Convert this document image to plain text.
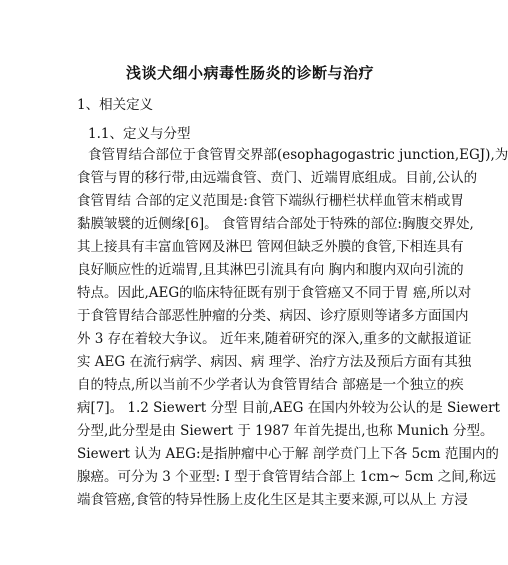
浅谈犬细小病毒性肠炎的诊断与治疗
1、相关定义
1.1、定义与分型
食管胃结合部位于食管胃交界部(esophagogastric junction,EGJ),为
食管与胃的移行带,由远端食管、贲门、近端胃底组成。目前,公认的
食管胃结 合部的定义范围是:食管下端纵行栅栏状样血管末梢或胃
黏膜皱襞的近侧缘[6]。 食管胃结合部处于特殊的部位:胸腹交界处,
其上接具有丰富血管网及淋巴 管网但缺乏外膜的食管,下相连具有
良好顺应性的近端胃,且其淋巴引流具有向 胸内和腹内双向引流的
特点。因此,AEG的临床特征既有别于食管癌又不同于胃 癌,所以对
于食管胃结合部恶性肿瘤的分类、病因、诊疗原则等诸多方面国内
外 3 存在着较大争议。 近年来,随着研究的深入,重多的文献报道证
实 AEG 在流行病学、病因、病 理学、治疗方法及预后方面有其独
自的特点,所以当前不少学者认为食管胃结合 部癌是一个独立的疾
病[7]。 1.2 Siewert 分型 目前,AEG 在国内外较为公认的是 Siewert
分型,此分型是由 Siewert 于 1987 年首先提出,也称 Munich 分型。
Siewert 认为 AEG:是指肿瘤中心于解 剖学贲门上下各 5cm 范围内的
腺癌。可分为 3 个亚型: Ⅰ 型于食管胃结合部上 1cm~ 5cm 之间,称远
端食管癌,食管的特异性肠上皮化生区是其主要来源,可以从上 方浸
